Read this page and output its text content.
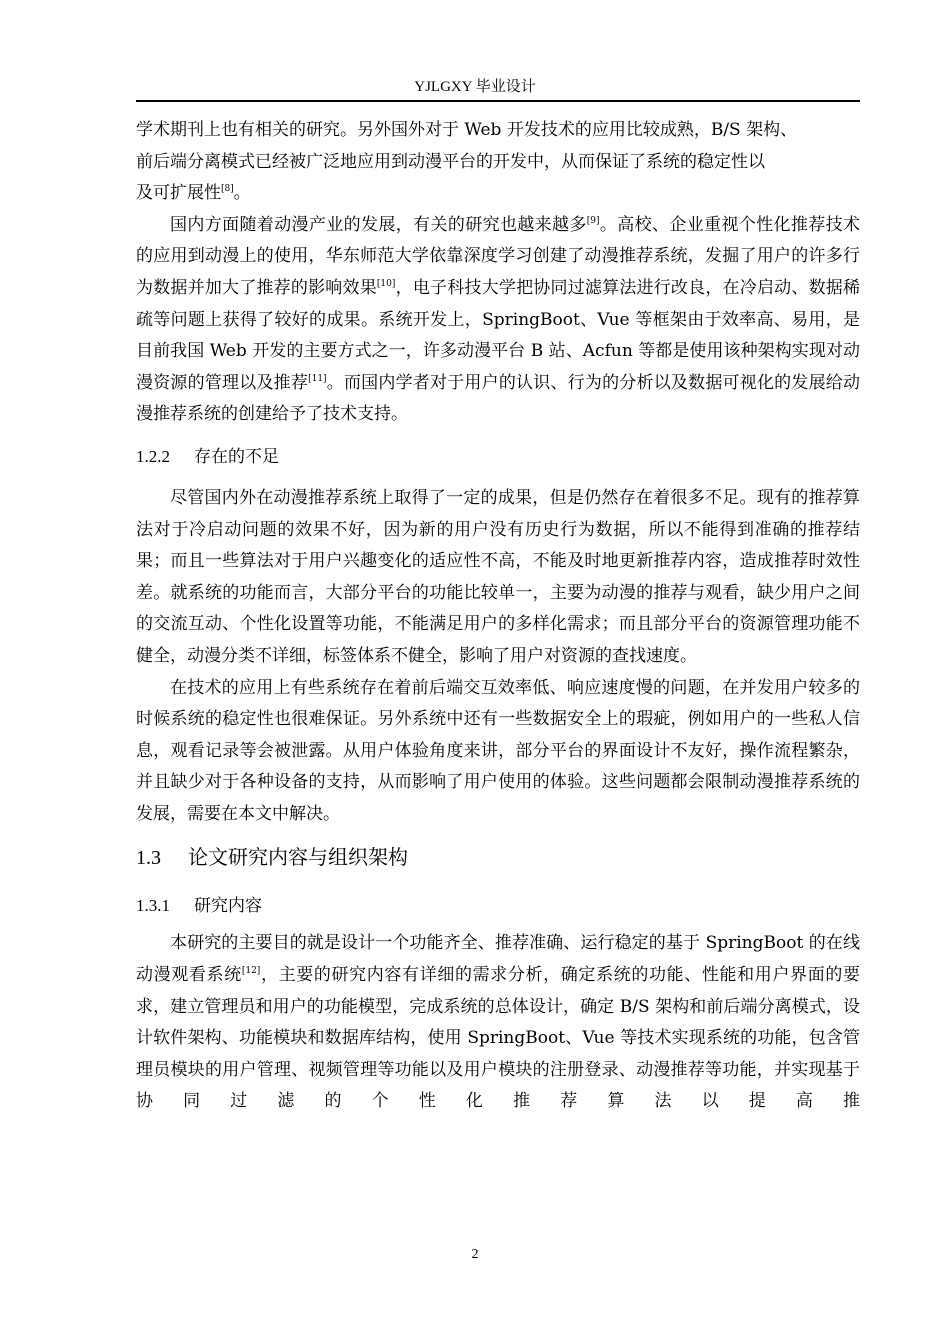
YJLGXY 毕业设计

学术期刊上也有相关的研究。另外国外对于 Web 开发技术的应用比较成熟，B/S 架构、
前后端分离模式已经被广泛地应用到动漫平台的开发中，从而保证了系统的稳定性以
及可扩展性[8]。

国内方面随着动漫产业的发展，有关的研究也越来越多[9]。高校、企业重视个性化推荐技术的应用到动漫上的使用，华东师范大学依靠深度学习创建了动漫推荐系统，发掘了用户的许多行为数据并加大了推荐的影响效果[10]，电子科技大学把协同过滤算法进行改良，在冷启动、数据稀疏等问题上获得了较好的成果。系统开发上，SpringBoot、Vue 等框架由于效率高、易用，是目前我国 Web 开发的主要方式之一，许多动漫平台 B 站、Acfun 等都是使用该种架构实现对动漫资源的管理以及推荐[11]。而国内学者对于用户的认识、行为的分析以及数据可视化的发展给动漫推荐系统的创建给予了技术支持。

1.2.2 存在的不足

尽管国内外在动漫推荐系统上取得了一定的成果，但是仍然存在着很多不足。现有的推荐算法对于冷启动问题的效果不好，因为新的用户没有历史行为数据，所以不能得到准确的推荐结果；而且一些算法对于用户兴趣变化的适应性不高，不能及时地更新推荐内容，造成推荐时效性差。就系统的功能而言，大部分平台的功能比较单一，主要为动漫的推荐与观看，缺少用户之间的交流互动、个性化设置等功能，不能满足用户的多样化需求；而且部分平台的资源管理功能不健全，动漫分类不详细，标签体系不健全，影响了用户对资源的查找速度。

在技术的应用上有些系统存在着前后端交互效率低、响应速度慢的问题，在并发用户较多的时候系统的稳定性也很难保证。另外系统中还有一些数据安全上的瑕疵，例如用户的一些私人信息，观看记录等会被泄露。从用户体验角度来讲，部分平台的界面设计不友好，操作流程繁杂，并且缺少对于各种设备的支持，从而影响了用户使用的体验。这些问题都会限制动漫推荐系统的发展，需要在本文中解决。

1.3 论文研究内容与组织架构
1.3.1 研究内容

本研究的主要目的就是设计一个功能齐全、推荐准确、运行稳定的基于 SpringBoot 的在线动漫观看系统[12]，主要的研究内容有详细的需求分析，确定系统的功能、性能和用户界面的要求，建立管理员和用户的功能模型，完成系统的总体设计，确定 B/S 架构和前后端分离模式，设计软件架构、功能模块和数据库结构，使用 SpringBoot、Vue 等技术实现系统的功能，包含管理员模块的用户管理、视频管理等功能以及用户模块的注册登录、动漫推荐等功能，并实现基于协同过滤的个性化推荐算法以提高推

2
